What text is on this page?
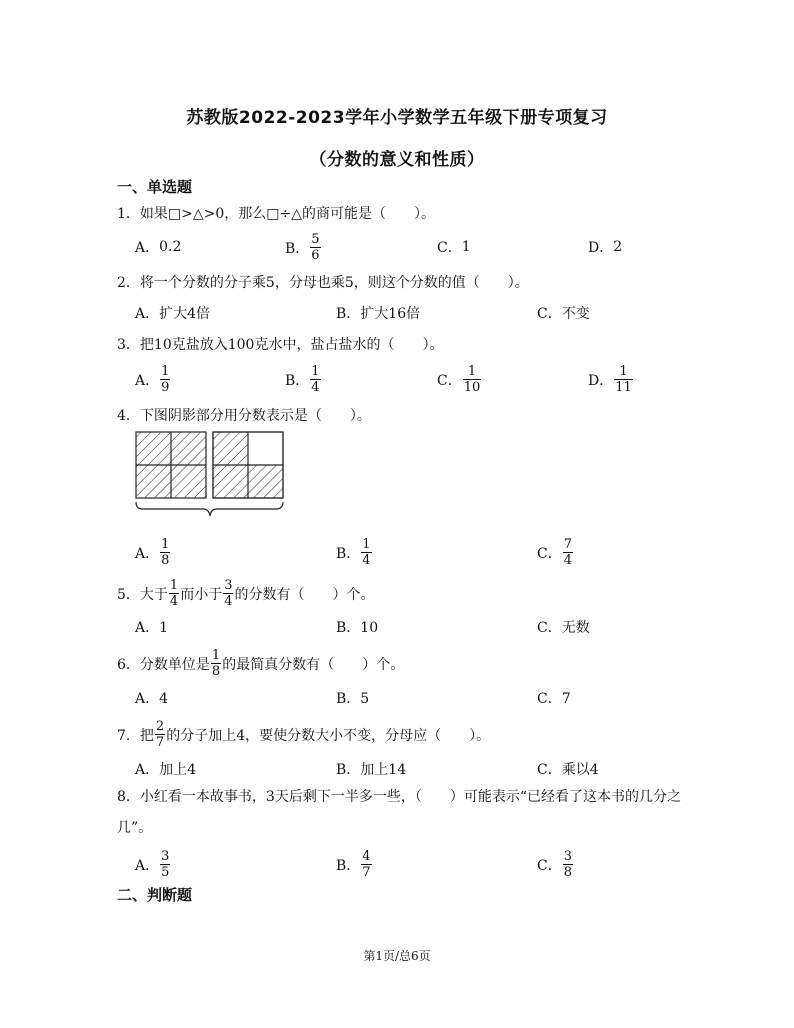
苏教版2022-2023学年小学数学五年级下册专项复习
（分数的意义和性质）
一、单选题
1．如果□>△>0，那么□÷△的商可能是（　　）。
A． 0.2	B． $\frac{5}{6}$	C． 1	D． 2
2．将一个分数的分子乘5，分母也乘5，则这个分数的值（　　）。
A．扩大4倍	B．扩大16倍	C．不变
3．把10克盐放入100克水中，盐占盐水的（　　）。
A． $\frac{1}{9}$	B． $\frac{1}{4}$	C． $\frac{1}{10}$	D． $\frac{1}{11}$
4．下图阴影部分用分数表示是（　　）。
A． $\frac{1}{8}$	B． $\frac{1}{4}$	C． $\frac{7}{4}$
5．大于 $\frac{1}{4}$ 而小于 $\frac{3}{4}$ 的分数有（　　）个。
A．1	B．10	C．无数
6．分数单位是 $\frac{1}{8}$ 的最简真分数有（　　）个。
A．4	B．5	C．7
7．把 $\frac{2}{7}$ 的分子加上4，要使分数大小不变，分母应（　　）。
A．加上4	B．加上14	C．乘以4
8．小红看一本故事书，3天后剩下一半多一些，（　　）可能表示“已经看了这本书的几分之几”。
A． $\frac{3}{5}$	B． $\frac{4}{7}$	C． $\frac{3}{8}$
二、判断题
第1页/总6页
